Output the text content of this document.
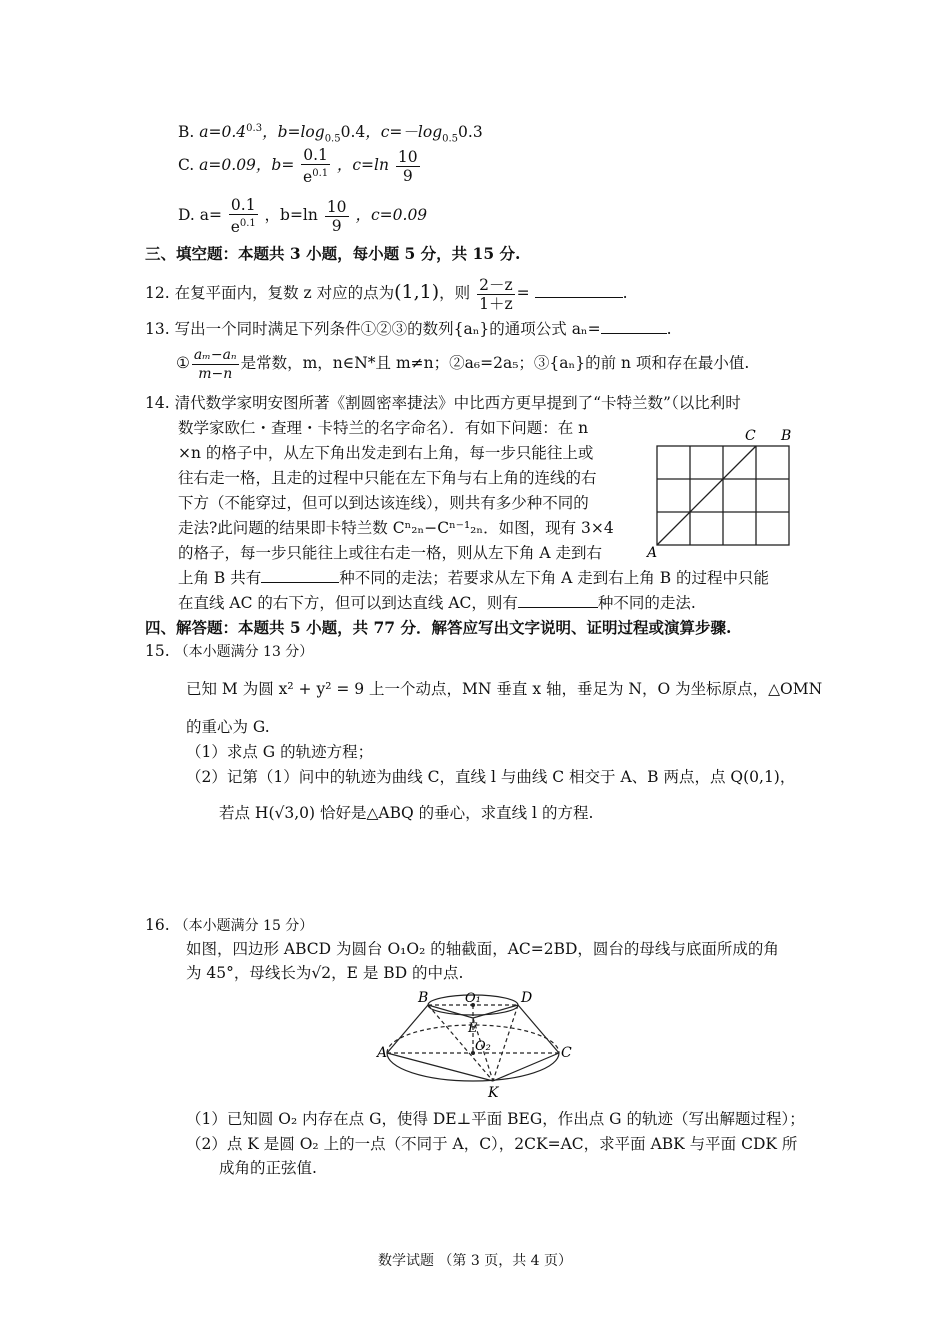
B. $a=0.4^{0.3}$，$b=\log_{0.5}0.4$，$c=-\log_{0.5}0.3$
C. a=0.09，$b= \frac{0.1}{e^{0.1}}$ ，$c=\ln \frac{10}{9}$
D. $a= \frac{0.1}{e^{0.1}}$ ，$b=\ln \frac{10}{9}$ ，c=0.09
三、填空题：本题共 3 小题，每小题 5 分，共 15 分.
12. 在复平面内，复数 z 对应的点为(1,1)，则 $\frac{2-z}{1+z}$ =	.
13. 写出一个同时满足下列条件①②③的数列{aₙ}的通项公式 aₙ=	.
① $\frac{\text{aₘ−aₙ}}{m-n}$ 是常数，m，n∈N*且 m≠n；②a₆=2a₅；③{aₙ}的前 n 项和存在最小值.
14. 清代数学家明安图所著《割圆密率捷法》中比西方更早提到了“卡特兰数”（以比利时
数学家欧仁・查理・卡特兰的名字命名）．有如下问题：在 n
×n 的格子中，从左下角出发走到右上角，每一步只能往上或
往右走一格，且走的过程中只能在左下角与右上角的连线的右
下方（不能穿过，但可以到达该连线），则共有多少种不同的
走法?此问题的结果即卡特兰数 Cⁿ₂ₙ−Cⁿ⁻¹₂ₙ．如图，现有 3×4
的格子，每一步只能往上或往右走一格，则从左下角 A 走到右
上角 B 共有	种不同的走法；若要求从左下角 A 走到右上角 B 的过程中只能
在直线 AC 的右下方，但可以到达直线 AC，则有	种不同的走法.
C B
A
四、解答题：本题共 5 小题，共 77 分．解答应写出文字说明、证明过程或演算步骤.
15. （本小题满分 13 分）
已知 M 为圆 x² + y² = 9 上一个动点，MN 垂直 x 轴，垂足为 N，O 为坐标原点，△OMN
的重心为 G.
（1）求点 G 的轨迹方程；
（2）记第（1）问中的轨迹为曲线 C，直线 l 与曲线 C 相交于 A、B 两点，点 Q(0,1)，
若点 H(√3,0) 恰好是△ABQ 的垂心，求直线 l 的方程.
16. （本小题满分 15 分）
如图，四边形 ABCD 为圆台 O₁O₂ 的轴截面，AC=2BD，圆台的母线与底面所成的角
为 45°，母线长为√2，E 是 BD 的中点.
B	D
O₁
E
O₂
A	C
K
（1）已知圆 O₂ 内存在点 G，使得 DE⊥平面 BEG，作出点 G 的轨迹（写出解题过程）；
（2）点 K 是圆 O₂ 上的一点（不同于 A，C），2CK=AC，求平面 ABK 与平面 CDK 所
成角的正弦值.
数学试题 （第 3 页，共 4 页）
